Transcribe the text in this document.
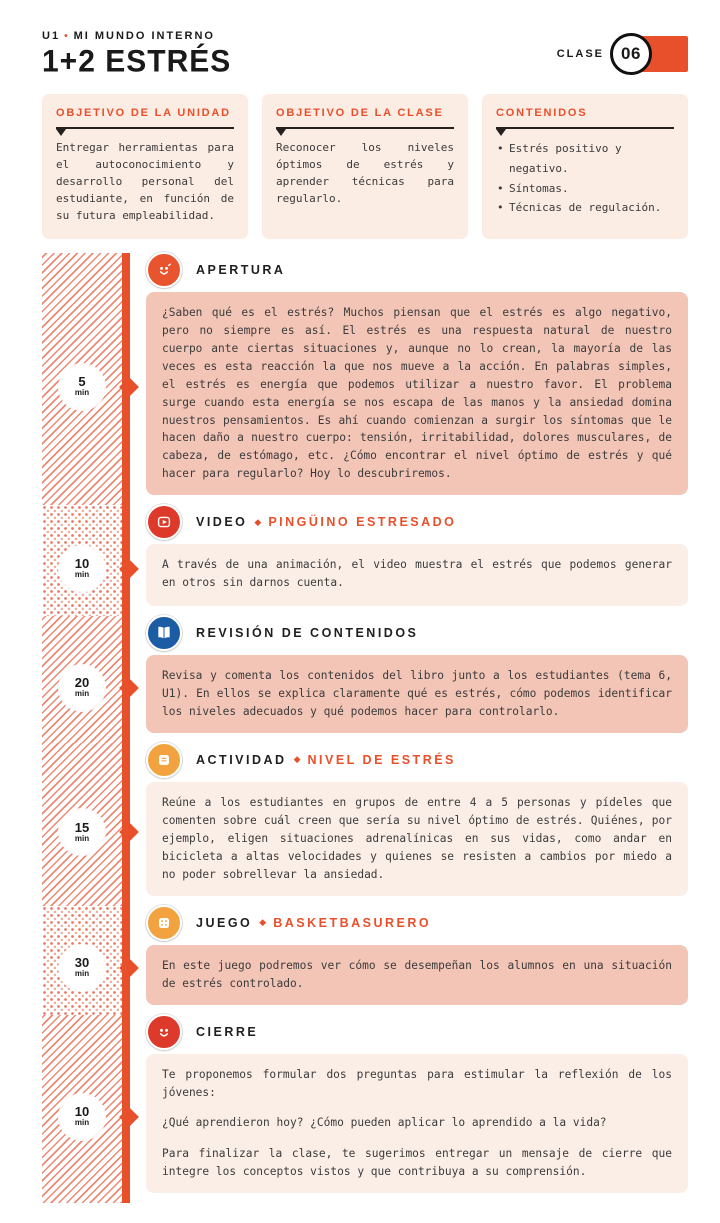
U1 • MI MUNDO INTERNO
1+2 ESTRÉS	CLASE	06
OBJETIVO DE LA UNIDAD
Entregar herramientas para el autoconocimiento y desarrollo personal del estudiante, en función de su futura empleabilidad.
OBJETIVO DE LA CLASE
Reconocer los niveles óptimos de estrés y aprender técnicas para regularlo.
CONTENIDOS
• Estrés positivo y negativo.
• Síntomas.
• Técnicas de regulación.
5
min
APERTURA

¿Saben qué es el estrés? Muchos piensan que el estrés es algo negativo, pero no siempre es así. El estrés es una respuesta natural de nuestro cuerpo ante ciertas situaciones y, aunque no lo crean, la mayoría de las veces es esta reacción la que nos mueve a la acción. En palabras simples, el estrés es energía que podemos utilizar a nuestro favor. El problema surge cuando esta energía se nos escapa de las manos y la ansiedad domina nuestros pensamientos. Es ahí cuando comienzan a surgir los síntomas que le hacen daño a nuestro cuerpo: tensión, irritabilidad, dolores musculares, de cabeza, de estómago, etc. ¿Cómo encontrar el nivel óptimo de estrés y qué hacer para regularlo? Hoy lo descubriremos.

10
min
VIDEO ◆ PINGÜINO ESTRESADO

A través de una animación, el video muestra el estrés que podemos generar en otros sin darnos cuenta.

20
min
REVISIÓN DE CONTENIDOS

Revisa y comenta los contenidos del libro junto a los estudiantes (tema 6, U1). En ellos se explica claramente qué es estrés, cómo podemos identificar los niveles adecuados y qué podemos hacer para controlarlo.

15
min
ACTIVIDAD ◆ NIVEL DE ESTRÉS

Reúne a los estudiantes en grupos de entre 4 a 5 personas y pídeles que comenten sobre cuál creen que sería su nivel óptimo de estrés. Quiénes, por ejemplo, eligen situaciones adrenalínicas en sus vidas, como andar en bicicleta a altas velocidades y quienes se resisten a cambios por miedo a no poder sobrellevar la ansiedad.

30
min
JUEGO ◆ BASKETBASURERO

En este juego podremos ver cómo se desempeñan los alumnos en una situación de estrés controlado.

10
min
CIERRE

Te proponemos formular dos preguntas para estimular la reflexión de los jóvenes:

¿Qué aprendieron hoy? ¿Cómo pueden aplicar lo aprendido a la vida?

Para finalizar la clase, te sugerimos entregar un mensaje de cierre que integre los conceptos vistos y que contribuya a su comprensión.
